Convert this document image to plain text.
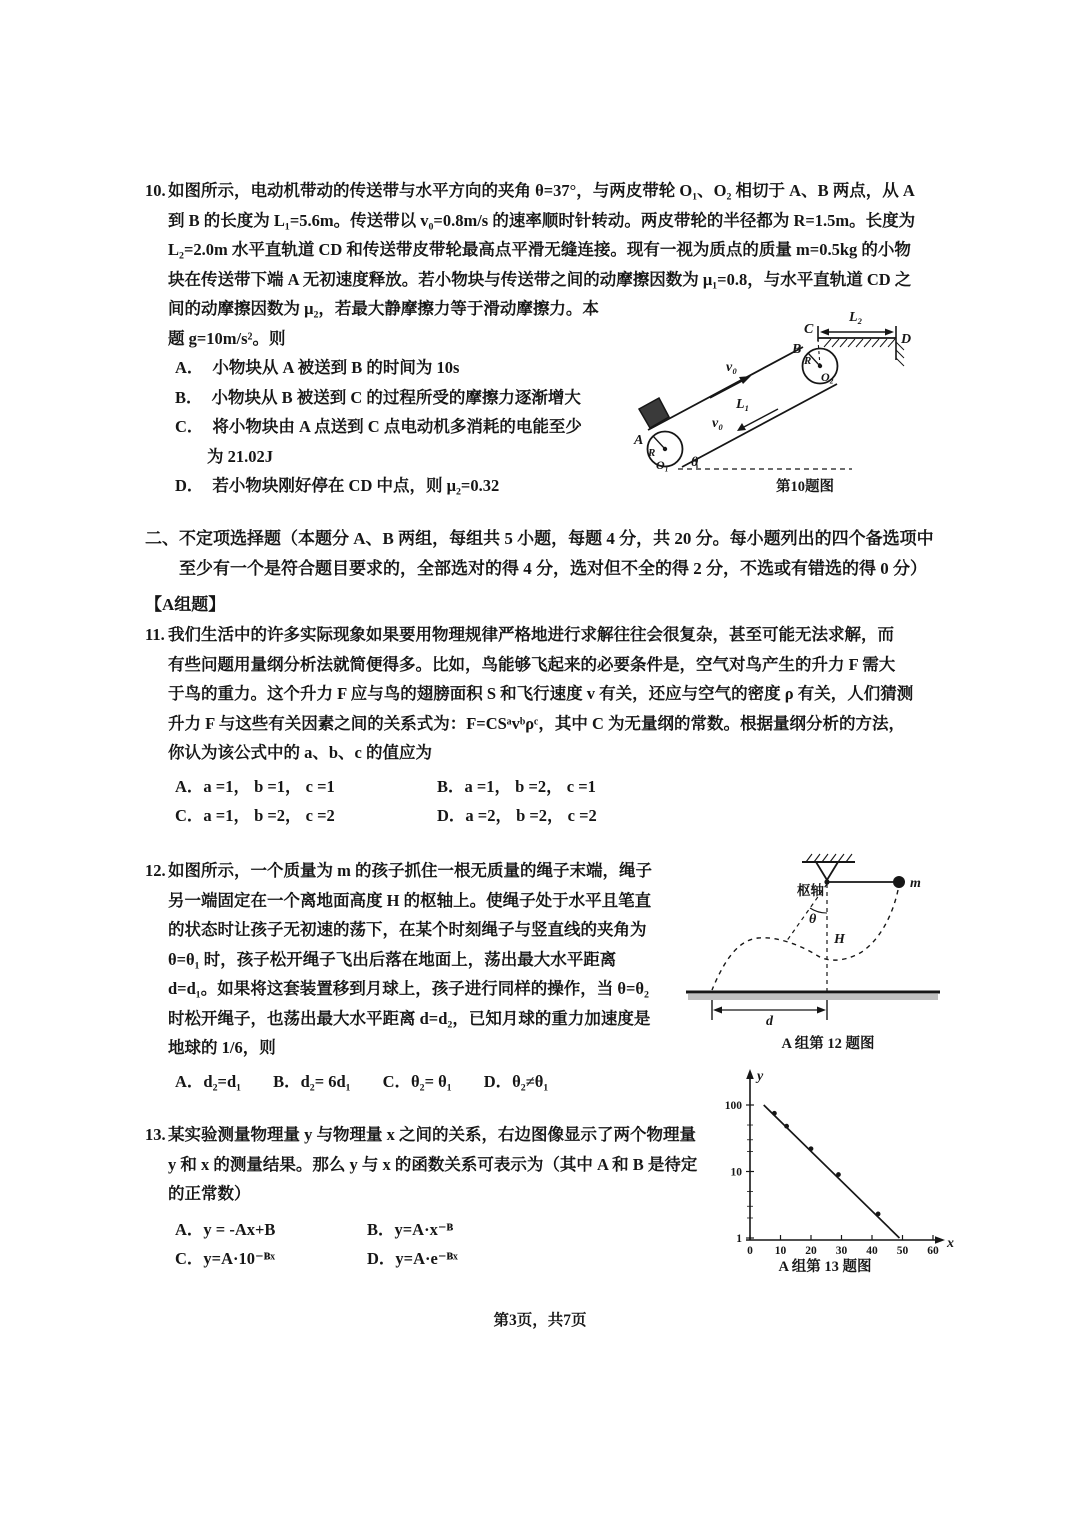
10. 如图所示，电动机带动的传送带与水平方向的夹角 θ=37°，与两皮带轮 O₁、O₂ 相切于 A、B 两点，从 A
到 B 的长度为 L₁=5.6m。传送带以 v₀=0.8m/s 的速率顺时针转动。两皮带轮的半径都为 R=1.5m。长度为
L₂=2.0m 水平直轨道 CD 和传送带皮带轮最高点平滑无缝连接。现有一视为质点的质量 m=0.5kg 的小物
块在传送带下端 A 无初速度释放。若小物块与传送带之间的动摩擦因数为 μ₁=0.8，与水平直轨道 CD 之
间的动摩擦因数为 μ₂，若最大静摩擦力等于滑动摩擦力。本
题 g=10m/s²。则
A． 小物块从 A 被送到 B 的时间为 10s
B． 小物块从 B 被送到 C 的过程所受的摩擦力逐渐增大
C． 将小物块由 A 点送到 C 点电动机多消耗的电能至少
为 21.02J
D． 若小物块刚好停在 CD 中点，则 μ₂=0.32
C
D
L₂
B
R
O₂
v₀
L₁
v₀
A
R
O₁ θ
第10题图
二、不定项选择题（本题分 A、B 两组，每组共 5 小题，每题 4 分，共 20 分。每小题列出的四个备选项中
至少有一个是符合题目要求的，全部选对的得 4 分，选对但不全的得 2 分，不选或有错选的得 0 分）
【A组题】
11. 我们生活中的许多实际现象如果要用物理规律严格地进行求解往往会很复杂，甚至可能无法求解，而
有些问题用量纲分析法就简便得多。比如，鸟能够飞起来的必要条件是，空气对鸟产生的升力 F 需大
于鸟的重力。这个升力 F 应与鸟的翅膀面积 S 和飞行速度 v 有关，还应与空气的密度 ρ 有关，人们猜测
升力 F 与这些有关因素之间的关系式为：F=CSᵃvᵇρᶜ，其中 C 为无量纲的常数。根据量纲分析的方法，
你认为该公式中的 a、b、c 的值应为
A．a =1， b =1， c =1	B．a =1， b =2， c =1
C．a =1， b =2， c =2	D．a =2， b =2， c =2
12. 如图所示，一个质量为 m 的孩子抓住一根无质量的绳子末端，绳子
另一端固定在一个离地面高度 H 的枢轴上。使绳子处于水平且笔直
的状态时让孩子无初速的荡下，在某个时刻绳子与竖直线的夹角为
θ=θ₁ 时，孩子松开绳子飞出后落在地面上，荡出最大水平距离
d=d₁。如果将这套装置移到月球上，孩子进行同样的操作，当 θ=θ₂
时松开绳子，也荡出最大水平距离 d=d₂，已知月球的重力加速度是
地球的 1/6，则
A．d₂=d₁ B．d₂= 6d₁ C．θ₂= θ₁ D．θ₂≠θ₁
枢轴	m
H
θ
d
A 组第 12 题图
13. 某实验测量物理量 y 与物理量 x 之间的关系，右边图像显示了两个物理量
y 和 x 的测量结果。那么 y 与 x 的函数关系可表示为（其中 A 和 B 是待定
的正常数）
A．y = -Ax+B	B．y=A·x⁻ᴮ
C．y=A·10⁻ᴮˣ	D．y=A·e⁻ᴮˣ
y
x
0 10 20 30 40 50 60
1
10
100
A 组第 13 题图
第3页，共7页
